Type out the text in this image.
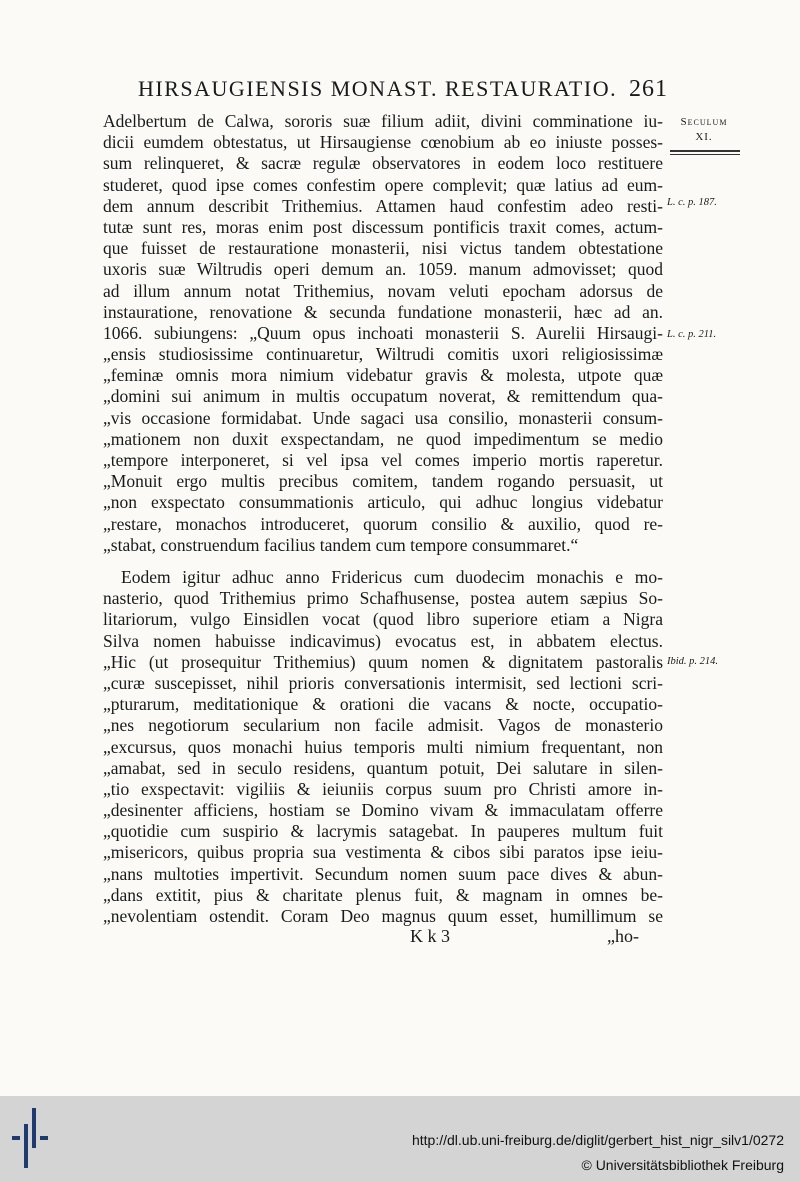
HIRSAUGIENSIS MONAST. RESTAURATIO. 261
Seculum
XI.
L. c. p. 187.
L. c. p. 211.
Ibid. p. 214.
Adelbertum de Calwa, sororis suæ filium adiit, divini comminatione iu-
dicii eumdem obtestatus, ut Hirsaugiense cœnobium ab eo iniuste posses-
sum relinqueret, & sacræ regulæ observatores in eodem loco restituere
studeret, quod ipse comes confestim opere complevit; quæ latius ad eum-
dem annum describit Trithemius. Attamen haud confestim adeo resti-
tutæ sunt res, moras enim post discessum pontificis traxit comes, actum-
que fuisset de restauratione monasterii, nisi victus tandem obtestatione
uxoris suæ Wiltrudis operi demum an. 1059. manum admovisset; quod
ad illum annum notat Trithemius, novam veluti epocham adorsus de
instauratione, renovatione & secunda fundatione monasterii, hæc ad an.
1066. subiungens: „Quum opus inchoati monasterii S. Aurelii Hirsaugi-
„ensis studiosissime continuaretur, Wiltrudi comitis uxori religiosissimæ
„feminæ omnis mora nimium videbatur gravis & molesta, utpote quæ
„domini sui animum in multis occupatum noverat, & remittendum qua-
„vis occasione formidabat. Unde sagaci usa consilio, monasterii consum-
„mationem non duxit exspectandam, ne quod impedimentum se medio
„tempore interponeret, si vel ipsa vel comes imperio mortis raperetur.
„Monuit ergo multis precibus comitem, tandem rogando persuasit, ut
„non exspectato consummationis articulo, qui adhuc longius videbatur
„restare, monachos introduceret, quorum consilio & auxilio, quod re-
„stabat, construendum facilius tandem cum tempore consummaret.“
Eodem igitur adhuc anno Fridericus cum duodecim monachis e mo-
nasterio, quod Trithemius primo Schafhusense, postea autem sæpius So-
litariorum, vulgo Einsidlen vocat (quod libro superiore etiam a Nigra
Silva nomen habuisse indicavimus) evocatus est, in abbatem electus.
„Hic (ut prosequitur Trithemius) quum nomen & dignitatem pastoralis
„curæ suscepisset, nihil prioris conversationis intermisit, sed lectioni scri-
„pturarum, meditationique & orationi die vacans & nocte, occupatio-
„nes negotiorum secularium non facile admisit. Vagos de monasterio
„excursus, quos monachi huius temporis multi nimium frequentant, non
„amabat, sed in seculo residens, quantum potuit, Dei salutare in silen-
„tio exspectavit: vigiliis & ieiuniis corpus suum pro Christi amore in-
„desinenter afficiens, hostiam se Domino vivam & immaculatam offerre
„quotidie cum suspirio & lacrymis satagebat. In pauperes multum fuit
„misericors, quibus propria sua vestimenta & cibos sibi paratos ipse ieiu-
„nans multoties impertivit. Secundum nomen suum pace dives & abun-
„dans extitit, pius & charitate plenus fuit, & magnam in omnes be-
„nevolentiam ostendit. Coram Deo magnus quum esset, humillimum se
K k 3	„ho-
http://dl.ub.uni-freiburg.de/diglit/gerbert_hist_nigr_silv1/0272
© Universitätsbibliothek Freiburg
